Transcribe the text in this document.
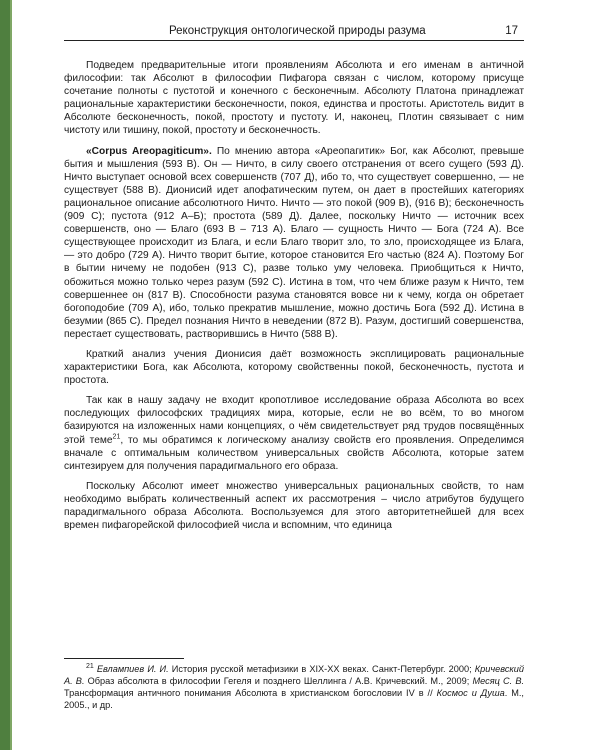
Реконструкция онтологической природы разума	17

Подведем предварительные итоги проявлениям Абсолюта и его именам в античной философии: так Абсолют в философии Пифагора связан с числом, которому присуще сочетание полноты с пустотой и конечного с бесконечным. Абсолюту Платона принадлежат рациональные характеристики бесконечности, покоя, единства и простоты. Аристотель видит в Абсолюте бесконечность, покой, простоту и пустоту. И, наконец, Плотин связывает с ним чистоту или тишину, покой, простоту и бесконечность.

«Corpus Areopagiticum». По мнению автора «Ареопагитик» Бог, как Абсолют, превыше бытия и мышления (593 В). Он — Ничто, в силу своего отстранения от всего сущего (593 Д). Ничто выступает основой всех совершенств (707 Д), ибо то, что существует совершенно, — не существует (588 В). Дионисий идет апофатическим путем, он дает в простейших категориях рациональное описание абсолютного Ничто. Ничто — это покой (909 В), (916 В); бесконечность (909 С); пустота (912 А–Б); простота (589 Д). Далее, поскольку Ничто — источник всех совершенств, оно — Благо (693 В – 713 А). Благо — сущность Ничто — Бога (724 А). Все существующее происходит из Блага, и если Благо творит зло, то зло, происходящее из Блага, — это добро (729 А). Ничто творит бытие, которое становится Его частью (824 А). Поэтому Бог в бытии ничему не подобен (913 С), разве только уму человека. Приобщиться к Ничто, обожиться можно только через разум (592 С). Истина в том, что чем ближе разум к Ничто, тем совершеннее он (817 В). Способности разума становятся вовсе ни к чему, когда он обретает богоподобие (709 А), ибо, только прекратив мышление, можно достичь Бога (592 Д). Истина в безумии (865 С). Предел познания Ничто в неведении (872 В). Разум, достигший совершенства, перестает существовать, растворившись в Ничто (588 В).

Краткий анализ учения Дионисия даёт возможность эксплицировать рациональные характеристики Бога, как Абсолюта, которому свойственны покой, бесконечность, пустота и простота.

Так как в нашу задачу не входит кропотливое исследование образа Абсолюта во всех последующих философских традициях мира, которые, если не во всём, то во многом базируются на изложенных нами концепциях, о чём свидетельствует ряд трудов посвящённых этой теме$^{21}$, то мы обратимся к логическому анализу свойств его проявления. Определимся вначале с оптимальным количеством универсальных свойств Абсолюта, которые затем синтезируем для получения парадигмального его образа.

Поскольку Абсолют имеет множество универсальных рациональных свойств, то нам необходимо выбрать количественный аспект их рассмотрения – число атрибутов будущего парадигмального образа Абсолюта. Воспользуемся для этого авторитетнейшей для всех времен пифагорейской философией числа и вспомним, что единица

$^{21}$ Евлампиев И. И. История русской метафизики в XIX-XX веках. Санкт-Петербург. 2000; Кричевский А. В. Образ абсолюта в философии Гегеля и позднего Шеллинга / А.В. Кричевский. М., 2009; Месяц С. В. Трансформация античного понимания Абсолюта в христианском богословии IV в // Космос и Душа. М., 2005., и др.
